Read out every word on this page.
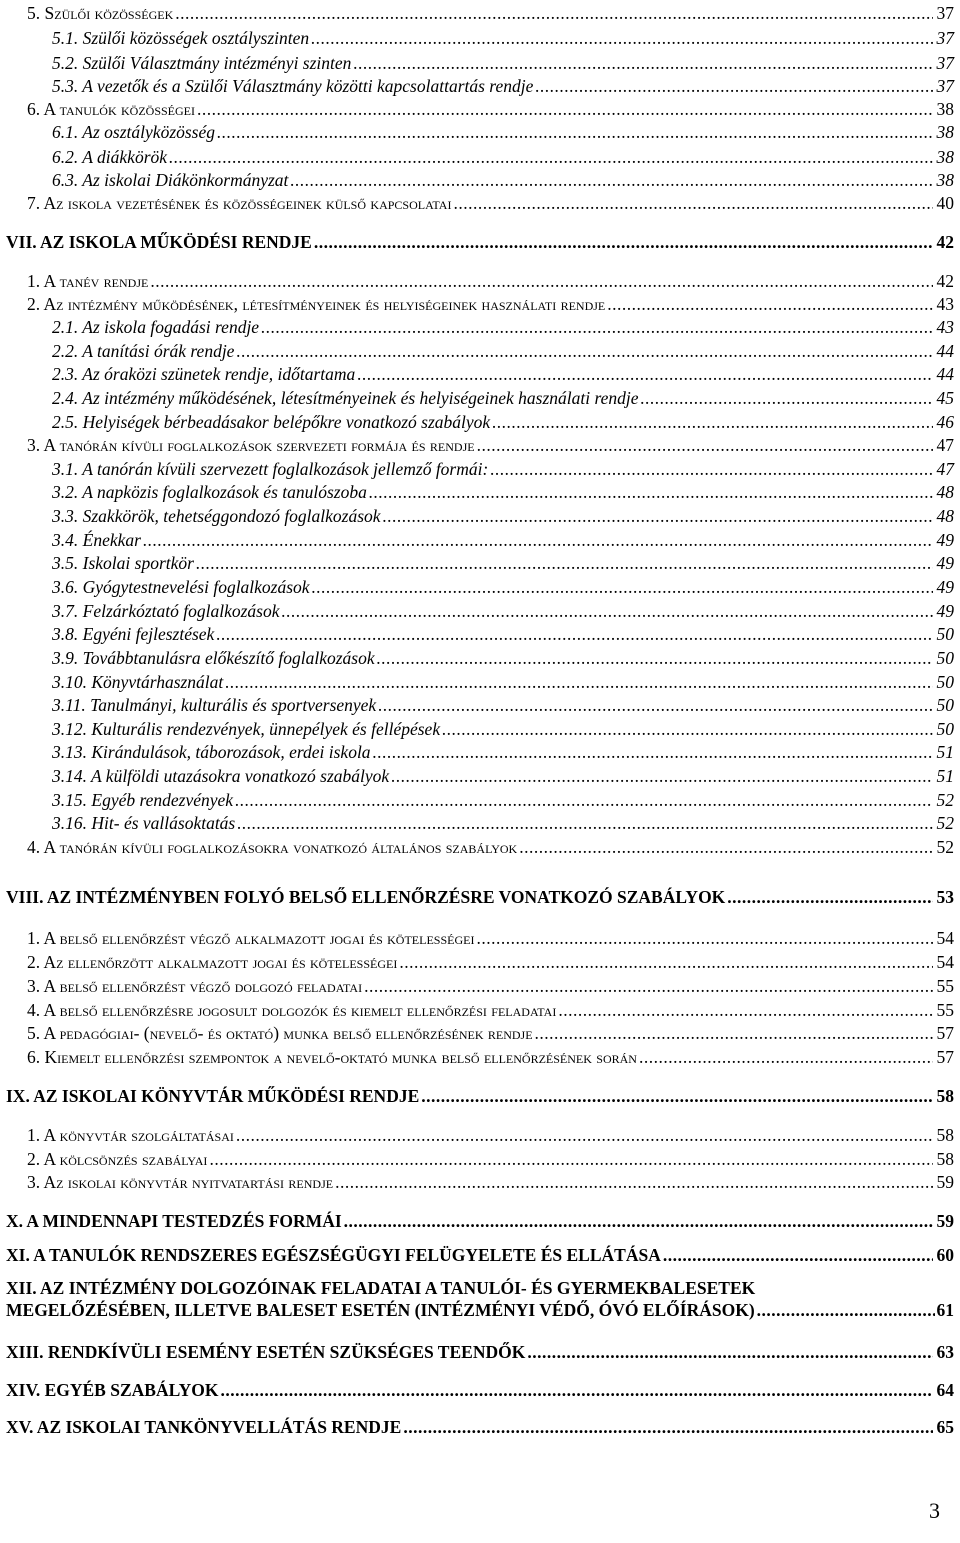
5. Szülői közösségek .....	37
5.1. Szülői közösségek osztályszinten .....	37
5.2. Szülői Választmány intézményi szinten .....	37
5.3. A vezetők és a Szülői Választmány közötti kapcsolattartás rendje .....	37
6. A tanulók közösségei .....	38
6.1. Az osztályközösség .....	38
6.2. A diákkörök .....	38
6.3. Az iskolai Diákönkormányzat .....	38
7. Az iskola vezetésének és közösségeinek külső kapcsolatai .....	40
VII. AZ ISKOLA MŰKÖDÉSI RENDJE .....	42
1. A tanév rendje .....	42
2. Az intézmény működésének, létesítményeinek és helyiségeinek használati rendje .....	43
2.1. Az iskola fogadási rendje .....	43
2.2. A tanítási órák rendje .....	44
2.3. Az óraközi szünetek rendje, időtartama .....	44
2.4. Az intézmény működésének, létesítményeinek és helyiségeinek használati rendje .....	45
2.5. Helyiségek bérbeadásakor belépőkre vonatkozó szabályok .....	46
3. A tanórán kívüli foglalkozások szervezeti formája és rendje .....	47
3.1. A tanórán kívüli szervezett foglalkozások jellemző formái: .....	47
3.2. A napközis foglalkozások és tanulószoba .....	48
3.3. Szakkörök, tehetséggondozó foglalkozások .....	48
3.4. Énekkar .....	49
3.5. Iskolai sportkör .....	49
3.6. Gyógytestnevelési foglalkozások .....	49
3.7. Felzárkóztató foglalkozások .....	49
3.8. Egyéni fejlesztések .....	50
3.9. Továbbtanulásra előkészítő foglalkozások .....	50
3.10. Könyvtárhasználat .....	50
3.11. Tanulmányi, kulturális és sportversenyek .....	50
3.12. Kulturális rendezvények, ünnepélyek és fellépések .....	50
3.13. Kirándulások, táborozások, erdei iskola .....	51
3.14. A külföldi utazásokra vonatkozó szabályok .....	51
3.15. Egyéb rendezvények .....	52
3.16. Hit- és vallásoktatás .....	52
4. A tanórán kívüli foglalkozásokra vonatkozó általános szabályok .....	52
VIII. AZ INTÉZMÉNYBEN FOLYÓ BELSŐ ELLENŐRZÉSRE VONATKOZÓ SZABÁLYOK .....	53
1. A belső ellenőrzést végző alkalmazott jogai és kötelességei .....	54
2. Az ellenőrzött alkalmazott jogai és kötelességei .....	54
3. A belső ellenőrzést végző dolgozó feladatai .....	55
4. A belső ellenőrzésre jogosult dolgozók és kiemelt ellenőrzési feladatai .....	55
5. A pedagógiai- (nevelő- és oktató) munka belső ellenőrzésének rendje .....	57
6. Kiemelt ellenőrzési szempontok a nevelő-oktató munka belső ellenőrzésének során .....	57
IX. AZ ISKOLAI KÖNYVTÁR MŰKÖDÉSI RENDJE .....	58
1. A könyvtár szolgáltatásai .....	58
2. A kölcsönzés szabályai .....	58
3. Az iskolai könyvtár nyitvatartási rendje .....	59
X. A MINDENNAPI TESTEDZÉS FORMÁI .....	59
XI. A TANULÓK RENDSZERES EGÉSZSÉGÜGYI FELÜGYELETE ÉS ELLÁTÁSA .....	60
XIII. RENDKÍVÜLI ESEMÉNY ESETÉN SZÜKSÉGES TEENDŐK .....	63
XIV. EGYÉB SZABÁLYOK .....	64
XV. AZ ISKOLAI TANKÖNYVELLÁTÁS RENDJE .....	65
XII. AZ INTÉZMÉNY DOLGOZÓINAK FELADATAI A TANULÓI- ÉS GYERMEKBALESETEK
MEGELŐZÉSÉBEN, ILLETVE BALESET ESETÉN (INTÉZMÉNYI VÉDŐ, ÓVÓ ELŐÍRÁSOK) .....	61
3
